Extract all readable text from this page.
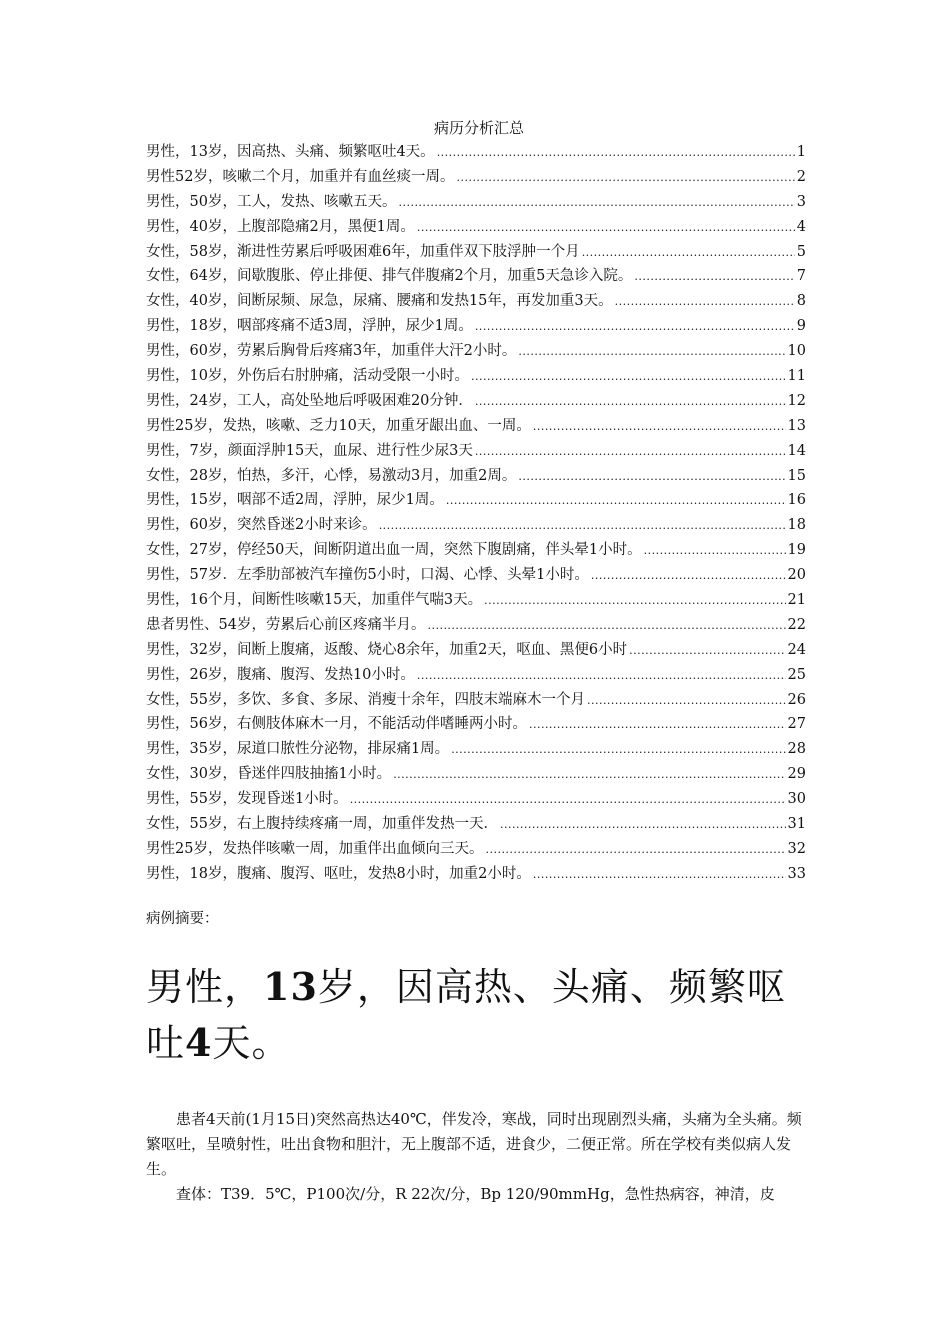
病历分析汇总
男性，13岁，因高热、头痛、频繁呕吐4天。 .....	1
男性52岁，咳嗽二个月，加重并有血丝痰一周。 .....	2
男性，50岁，工人，发热、咳嗽五天。 .....	3
男性，40岁，上腹部隐痛2月，黑便1周。 .....	4
女性，58岁，渐进性劳累后呼吸困难6年，加重伴双下肢浮肿一个月 .....	5
女性，64岁，间歇腹胀、停止排便、排气伴腹痛2个月，加重5天急诊入院。 .....	7
女性，40岁，间断尿频、尿急，尿痛、腰痛和发热15年，再发加重3天。 .....	8
男性，18岁，咽部疼痛不适3周，浮肿，尿少1周。 .....	9
男性，60岁，劳累后胸骨后疼痛3年，加重伴大汗2小时。 .....	10
男性，10岁，外伤后右肘肿痛，活动受限一小时。 .....	11
男性，24岁，工人，高处坠地后呼吸困难20分钟． .....	12
男性25岁，发热，咳嗽、乏力10天，加重牙龈出血、一周。 .....	13
男性，7岁，颜面浮肿15天，血尿、进行性少尿3天 .....	14
女性，28岁，怕热，多汗，心悸，易激动3月，加重2周。 .....	15
男性，15岁，咽部不适2周，浮肿，尿少1周。 .....	16
男性，60岁，突然昏迷2小时来诊。 .....	18
女性，27岁，停经50天，间断阴道出血一周，突然下腹剧痛，伴头晕1小时。 .....	19
男性，57岁．左季肋部被汽车撞伤5小时，口渴、心悸、头晕1小时。 .....	20
男性，16个月，间断性咳嗽15天，加重伴气喘3天。 .....	21
患者男性、54岁，劳累后心前区疼痛半月。 .....	22
男性，32岁，间断上腹痛，返酸、烧心8余年，加重2天，呕血、黑便6小时 .....	24
男性，26岁，腹痛、腹泻、发热10小时。 .....	25
女性，55岁，多饮、多食、多尿、消瘦十余年，四肢末端麻木一个月 .....	26
男性，56岁，右侧肢体麻木一月，不能活动伴嗜睡两小时。 .....	27
男性，35岁，尿道口脓性分泌物，排尿痛1周。 .....	28
女性，30岁，昏迷伴四肢抽搐1小时。 .....	29
男性，55岁，发现昏迷1小时。 .....	30
女性，55岁，右上腹持续疼痛一周，加重伴发热一天． .....	31
男性25岁，发热伴咳嗽一周，加重伴出血倾向三天。 .....	32
男性，18岁，腹痛、腹泻、呕吐，发热8小时，加重2小时。 .....	33
病例摘要：
男性，13岁，因高热、头痛、频繁呕吐4天。

患者4天前(1月15日)突然高热达40℃，伴发冷，寒战，同时出现剧烈头痛，头痛为全头痛。频繁呕吐，呈喷射性，吐出食物和胆汁，无上腹部不适，进食少，二便正常。所在学校有类似病人发生。

查体：T39．5℃，P100次/分，R 22次/分，Bp 120/90mmHg，急性热病容，神清，皮
